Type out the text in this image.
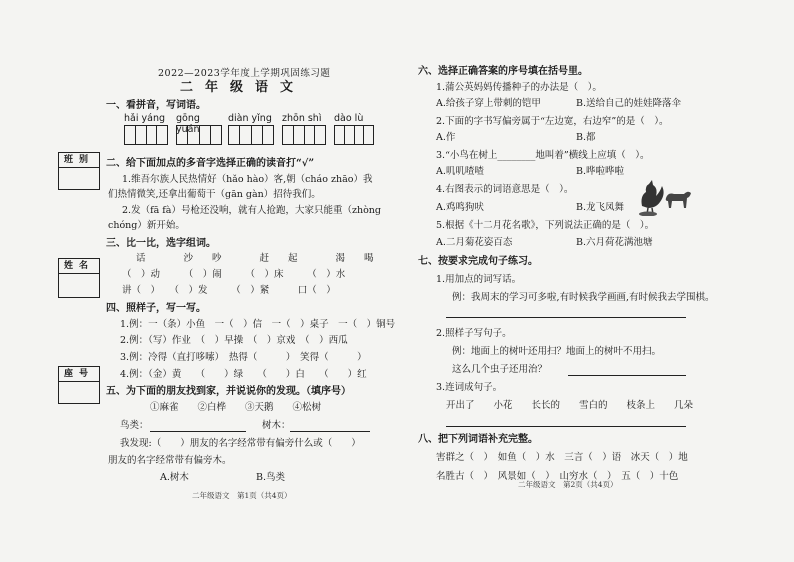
2022—2023学年度上学期巩固练习题
二年级语文
班别
姓名
座号
一、看拼音，写词语。
hǎi yáng gōng yuán
diàn yǐng zhōn shì dào lù
二、给下面加点的多音字选择正确的读音打“√”
1.维吾尔族人民热情好（hǎo hào）客,朝（cháo zhāo）我
们热情微笑,还拿出葡萄干（gān gàn）招待我们。
2.发（fā fà）号枪还没响，就有人抢跑，大家只能重（zhòng
chóng）新开始。
三、比一比，选字组词。
话　　　　沙　　吵　　　　赶　　起　　　　渴　　喝
（　）动　　　（　）闹　　　（　）床　　　（　）水
讲（　）　　（　）发　　　（　）紧　　　口（　）
四、照样子，写一写。
1.例：一（条）小鱼　一（　）信　一（　）桌子　一（　）铜号
2.例：（写）作业　（　）早操　（　）京戏　（　）西瓜
3.例：冷得（直打哆嗦）　热得（　　　）　笑得（　　　）
4.例：（金）黄　　（　　）绿　　（　　）白　　（　　）红
五、为下面的朋友找到家，并说说你的发现。（填序号）
①麻雀　　②白桦　　③天鹅　　④松树
鸟类：	树木：
我发现:（　　）朋友的名字经常带有偏旁什么或（　　）
朋友的名字经常带有偏旁木。
A.树木	B.鸟类
二年级语文　第1页（共4页）
六、选择正确答案的序号填在括号里。
1.蒲公英妈妈传播种子的办法是（　）。
A.给孩子穿上带刺的铠甲	B.送给自己的娃娃降落伞
2.下面的字书写偏旁属于“左边宽，右边窄”的是（　）。
A.作	B.都
3.“小鸟在树上________地叫着”横线上应填（　）。
A.叽叽喳喳	B.哗啦哗啦
4.右图表示的词语意思是（　）。
A.鸡鸣狗吠	B.龙飞凤舞
5.根据《十二月花名歌》，下列说法正确的是（　）。
A.二月菊花姿百态	B.六月荷花满池塘
七、按要求完成句子练习。
1.用加点的词写话。
例：我周末的学习可多啦,有时候我学画画,有时候我去学围棋。
2.照样子写句子。
例：地面上的树叶还用扫？地面上的树叶不用扫。
这么几个虫子还用治？
3.连词成句子。
开出了　　小花　　长长的　　雪白的　　枝条上　　几朵
八、把下列词语补充完整。
害群之（　）　如鱼（　）水　三言（　）语　冰天（　）地
名胜古（　）　风景如（　）　山穷水（　）　五（　）十色
二年级语文　第2页（共4页）
